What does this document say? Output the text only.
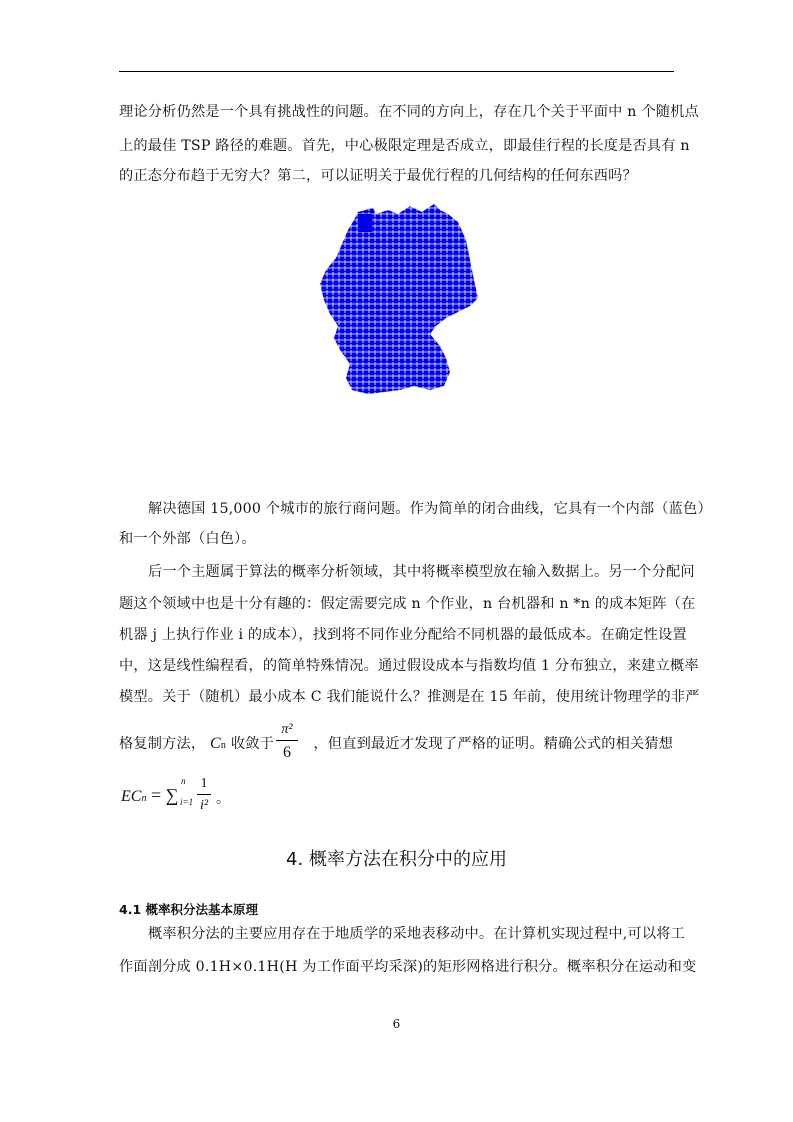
理论分析仍然是一个具有挑战性的问题。在不同的方向上，存在几个关于平面中 n 个随机点
上的最佳 TSP 路径的难题。首先，中心极限定理是否成立，即最佳行程的长度是否具有 n
的正态分布趋于无穷大？第二，可以证明关于最优行程的几何结构的任何东西吗？
解决德国 15,000 个城市的旅行商问题。作为简单的闭合曲线，它具有一个内部（蓝色）
和一个外部（白色）。
后一个主题属于算法的概率分析领域，其中将概率模型放在输入数据上。另一个分配问
题这个领域中也是十分有趣的：假定需要完成 n 个作业，n 台机器和 n *n 的成本矩阵（在
机器 j 上执行作业 i 的成本），找到将不同作业分配给不同机器的最低成本。在确定性设置
中，这是线性编程看，的简单特殊情况。通过假设成本与指数均值 1 分布独立，来建立概率
模型。关于（随机）最小成本 C 我们能说什么？推测是在 15 年前，使用统计物理学的非严
格复制方法， Cn 收敛于	，但直到最近才发现了严格的证明。精确公式的相关猜想
π²
6
ECn = ∑
n
i=1
1
i² 。
4. 概率方法在积分中的应用
4.1 概率积分法基本原理
概率积分法的主要应用存在于地质学的采地表移动中。在计算机实现过程中,可以将工
作面剖分成 0.1H×0.1H(H 为工作面平均采深)的矩形网格进行积分。概率积分在运动和变
6
